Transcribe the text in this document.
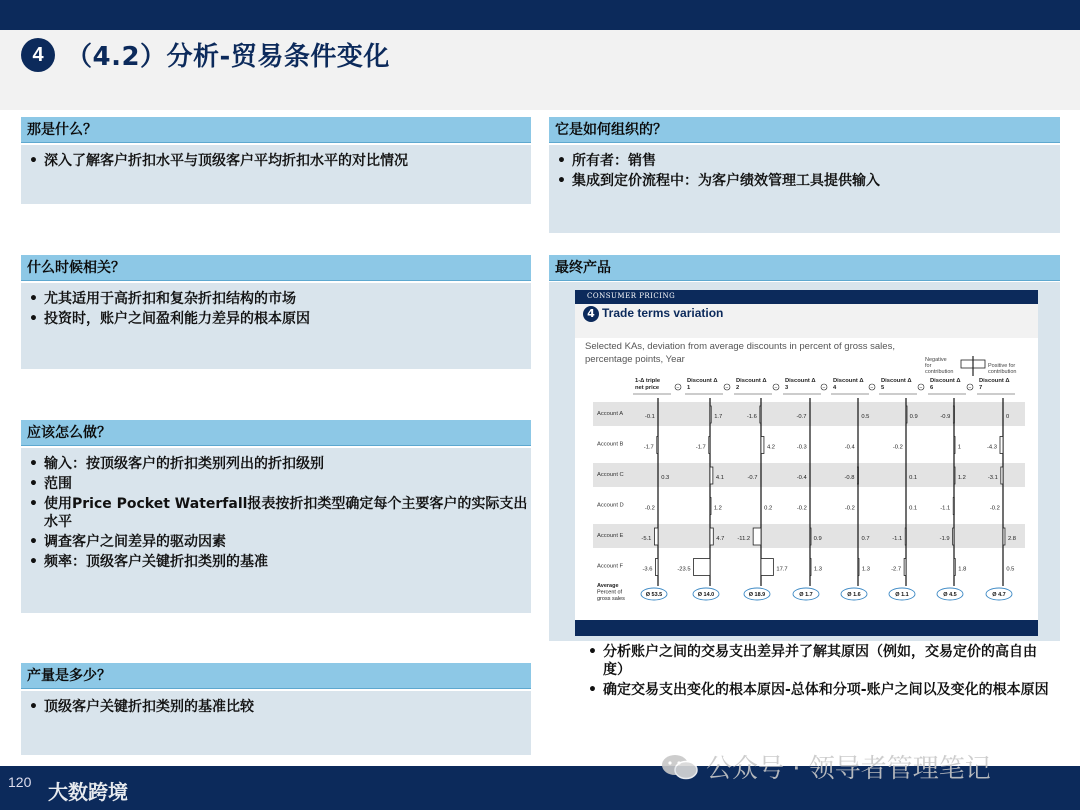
4 （4.2）分析-贸易条件变化
那是什么？
• 深入了解客户折扣水平与顶级客户平均折扣水平的对比情况
什么时候相关？
• 尤其适用于高折扣和复杂折扣结构的市场
• 投资时，账户之间盈利能力差异的根本原因
应该怎么做？
• 输入：按顶级客户的折扣类别列出的折扣级别
• 范围
• 使用Price Pocket Waterfall报表按折扣类型确定每个主要客户的实际支出水平
• 调查客户之间差异的驱动因素
• 频率：顶级客户关键折扣类别的基准
产量是多少？
• 顶级客户关键折扣类别的基准比较
它是如何组织的？
• 所有者：销售
• 集成到定价流程中：为客户绩效管理工具提供输入
最终产品
CONSUMER PRICING
4 Trade terms variation
Selected KAs, deviation from average discounts in percent of gross sales, percentage points, Year	Negative
for
contribution
Positive for
contribution
1-Δ triple
net price
Discount Δ
1
−
Discount Δ
2
−
Discount Δ
3
−
Discount Δ
4
−
Discount Δ
5
−
Discount Δ
6
−
Discount Δ
7
−
Account A
Account B
Account C
Account D
Account E
Account F
-0.1	1.7	-1.6	-0.7	0.5	0.9	-0.9	0
-1.7	-1.7	4.2	-0.3	-0.4	-0.2	1	-4.3
0.3	4.1	-0.7	-0.4	-0.8	0.1	1.2	-3.1
-0.2	1.2	0.2	-0.2	-0.2	0.1	-1.1	-0.2
-5.1	4.7 -11.2	0.9	0.7	-1.1	-1.9	2.8
-3.6	-23.5	17.7	1.3	1.3	-2.7	1.8	0.5
Average
Percent of
gross sales
Ø 53.5	Ø 14.0	Ø 18.9	Ø 1.7	Ø 1.6	Ø 1.1	Ø 4.5	Ø 4.7
• 分析账户之间的交易支出差异并了解其原因（例如，交易定价的高自由度）
• 确定交易支出变化的根本原因-总体和分项-账户之间以及变化的根本原因
120 大数跨境
公众号 · 领导者管理笔记
